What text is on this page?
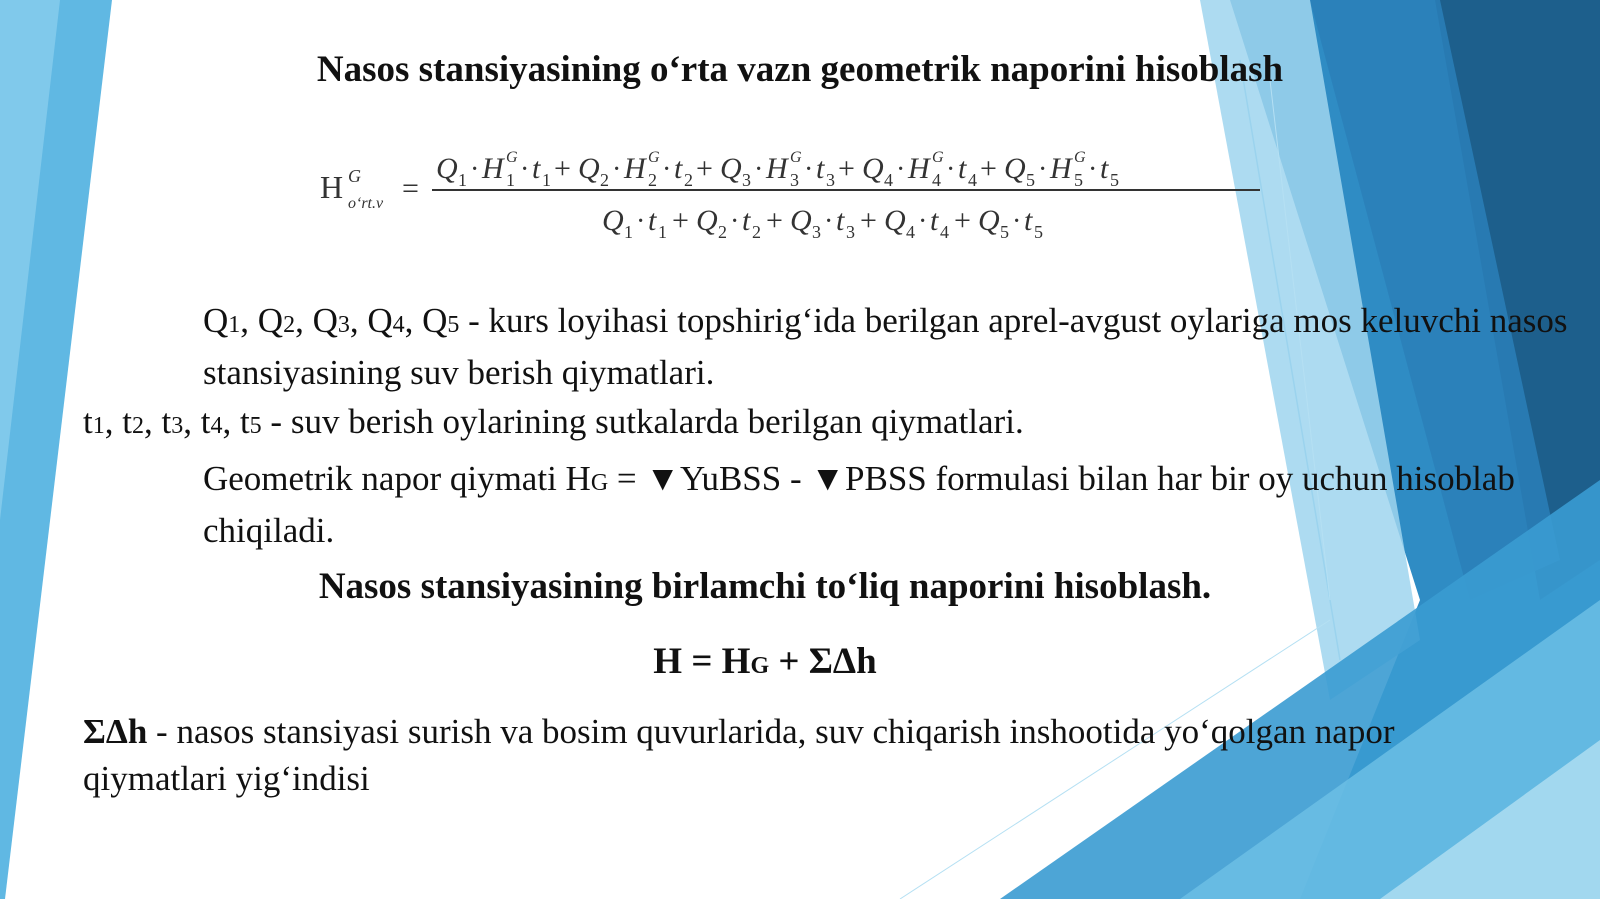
Nasos stansiyasining oʻrta vazn geometrik naporini hisoblash
H G
oʻrt.v =
Q 1 · H G
1 · t 1 + Q 2 · H G
2 · t 2 + Q 3 · H G
3 · t 3 + Q 4 · H G
4 · t 4 + Q 5 · H G
5 · t 5
Q 1 · t 1 + Q 2 · t 2 + Q 3 · t 3 + Q 4 · t 4 + Q 5 · t 5

Q1, Q2, Q3, Q4, Q5 - kurs loyihasi topshirigʻida berilgan aprel-avgust oylariga mos keluvchi nasos stansiyasining suv berish qiymatlari.

t1, t2, t3, t4, t5 - suv berish oylarining sutkalarda berilgan qiymatlari.

Geometrik napor qiymati HG = ▼YuBSS - ▼PBSS formulasi bilan har bir oy uchun hisoblab chiqiladi.

Nasos stansiyasining birlamchi toʻliq naporini hisoblash.
H = HG + ΣΔh

ΣΔh - nasos stansiyasi surish va bosim quvurlarida, suv chiqarish inshootida yoʻqolgan napor qiymatlari yigʻindisi
